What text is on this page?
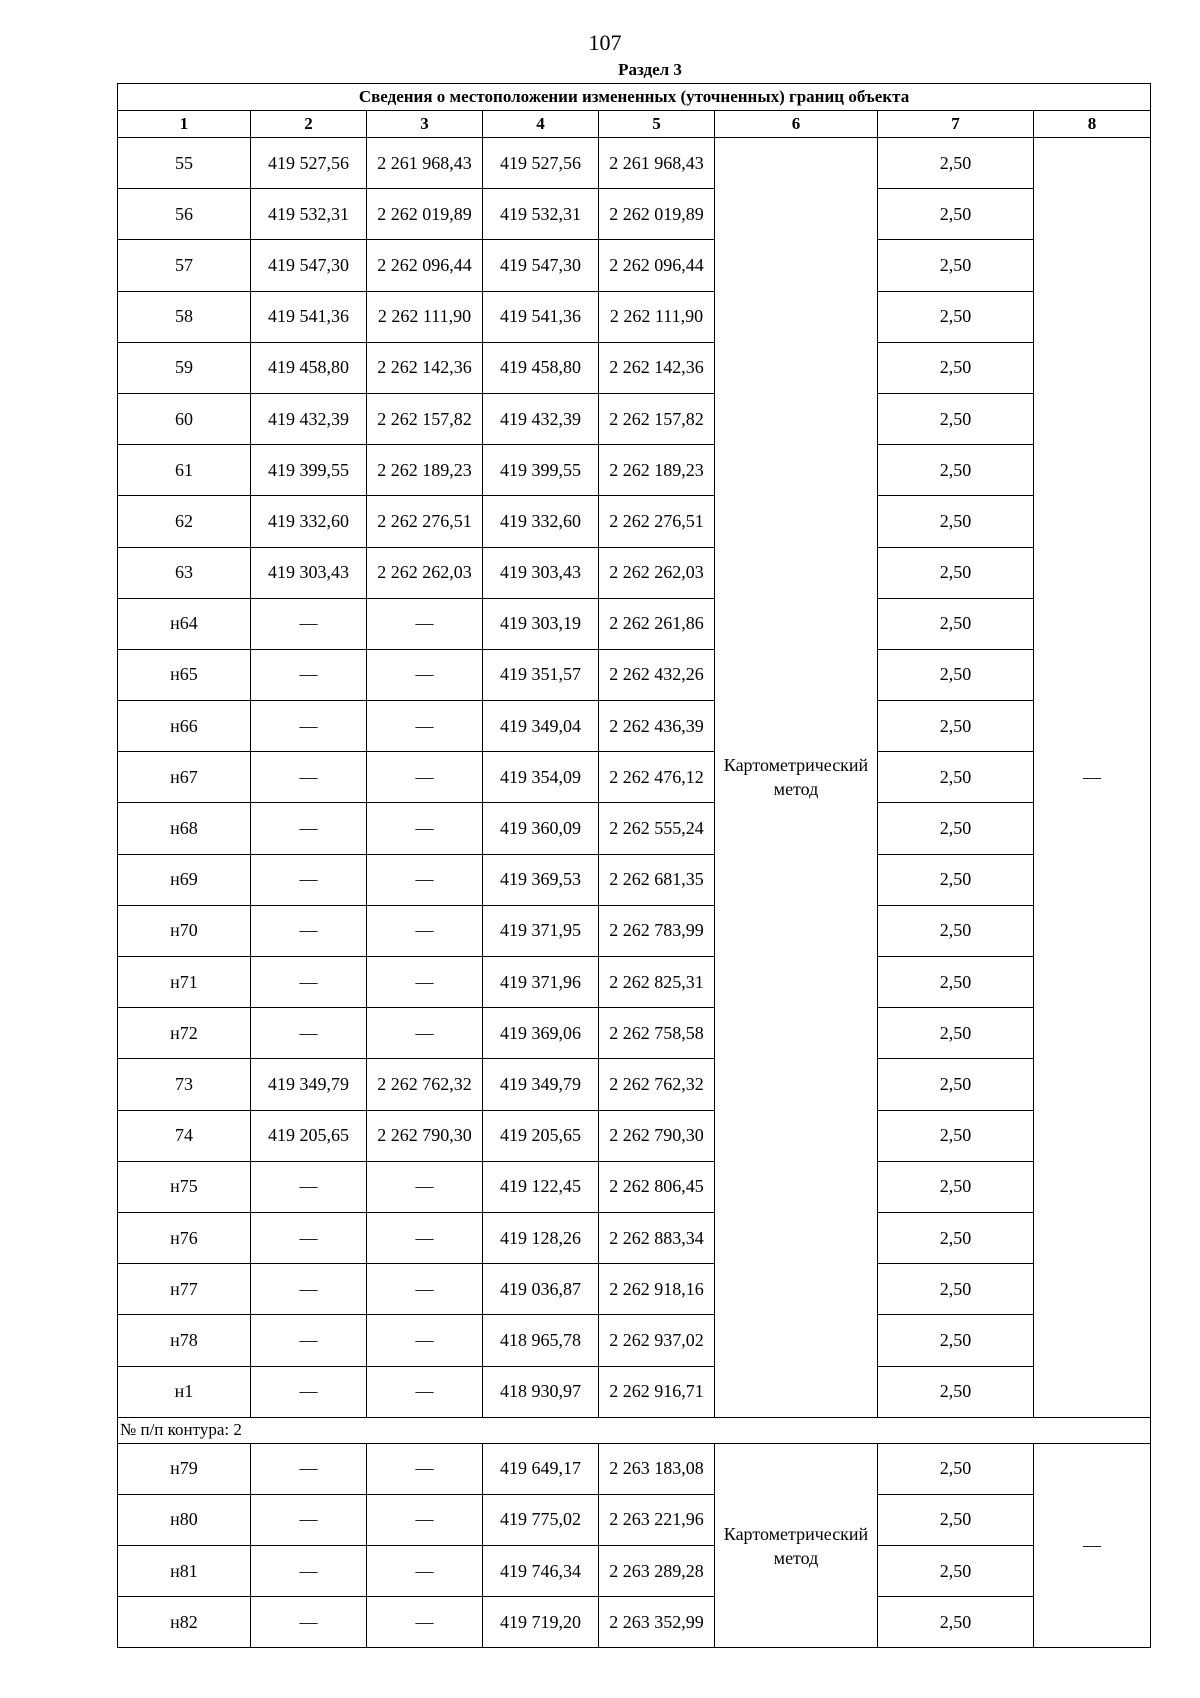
107
Раздел 3
Сведения о местоположении измененных (уточненных) границ объекта							
1	2	3	4	5	6	7	8
55	419 527,56	2 261 968,43	419 527,56	2 261 968,43	Картометрический метод	2,50	—
56	419 532,31	2 262 019,89	419 532,31	2 262 019,89		2,50	
57	419 547,30	2 262 096,44	419 547,30	2 262 096,44		2,50	
58	419 541,36	2 262 111,90	419 541,36	2 262 111,90		2,50	
59	419 458,80	2 262 142,36	419 458,80	2 262 142,36		2,50	
60	419 432,39	2 262 157,82	419 432,39	2 262 157,82		2,50	
61	419 399,55	2 262 189,23	419 399,55	2 262 189,23		2,50	
62	419 332,60	2 262 276,51	419 332,60	2 262 276,51		2,50	
63	419 303,43	2 262 262,03	419 303,43	2 262 262,03		2,50	
н64	—	—	419 303,19	2 262 261,86		2,50	
н65	—	—	419 351,57	2 262 432,26		2,50	
н66	—	—	419 349,04	2 262 436,39		2,50	
н67	—	—	419 354,09	2 262 476,12		2,50	
н68	—	—	419 360,09	2 262 555,24		2,50	
н69	—	—	419 369,53	2 262 681,35		2,50	
н70	—	—	419 371,95	2 262 783,99		2,50	
н71	—	—	419 371,96	2 262 825,31		2,50	
н72	—	—	419 369,06	2 262 758,58		2,50	
73	419 349,79	2 262 762,32	419 349,79	2 262 762,32		2,50	
74	419 205,65	2 262 790,30	419 205,65	2 262 790,30		2,50	
н75	—	—	419 122,45	2 262 806,45		2,50	
н76	—	—	419 128,26	2 262 883,34		2,50	
н77	—	—	419 036,87	2 262 918,16		2,50	
н78	—	—	418 965,78	2 262 937,02		2,50	
н1	—	—	418 930,97	2 262 916,71		2,50	
№ п/п контура: 2							
н79	—	—	419 649,17	2 263 183,08	Картометрический метод	2,50	—
н80	—	—	419 775,02	2 263 221,96		2,50	
н81	—	—	419 746,34	2 263 289,28		2,50	
н82	—	—	419 719,20	2 263 352,99		2,50	
